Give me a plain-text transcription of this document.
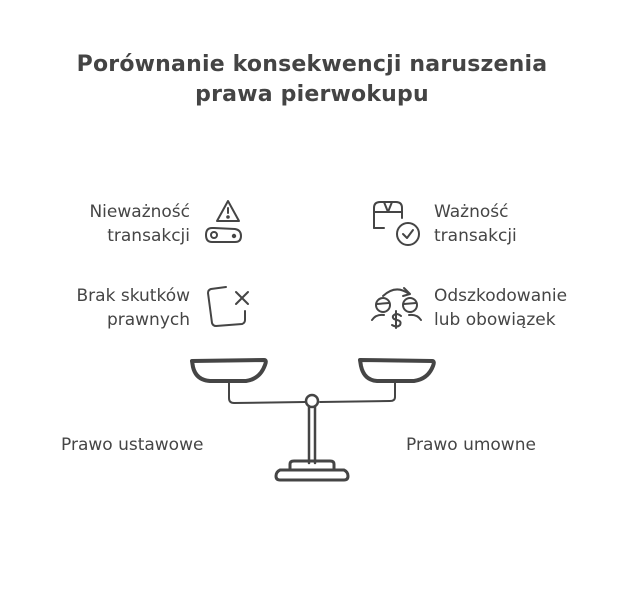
Porównanie konsekwencji naruszenia
prawa pierwokupu
Nieważność
transakcji
Brak skutków
prawnych
Ważność
transakcji
Odszkodowanie
lub obowiązek
Prawo ustawowe	Prawo umowne
